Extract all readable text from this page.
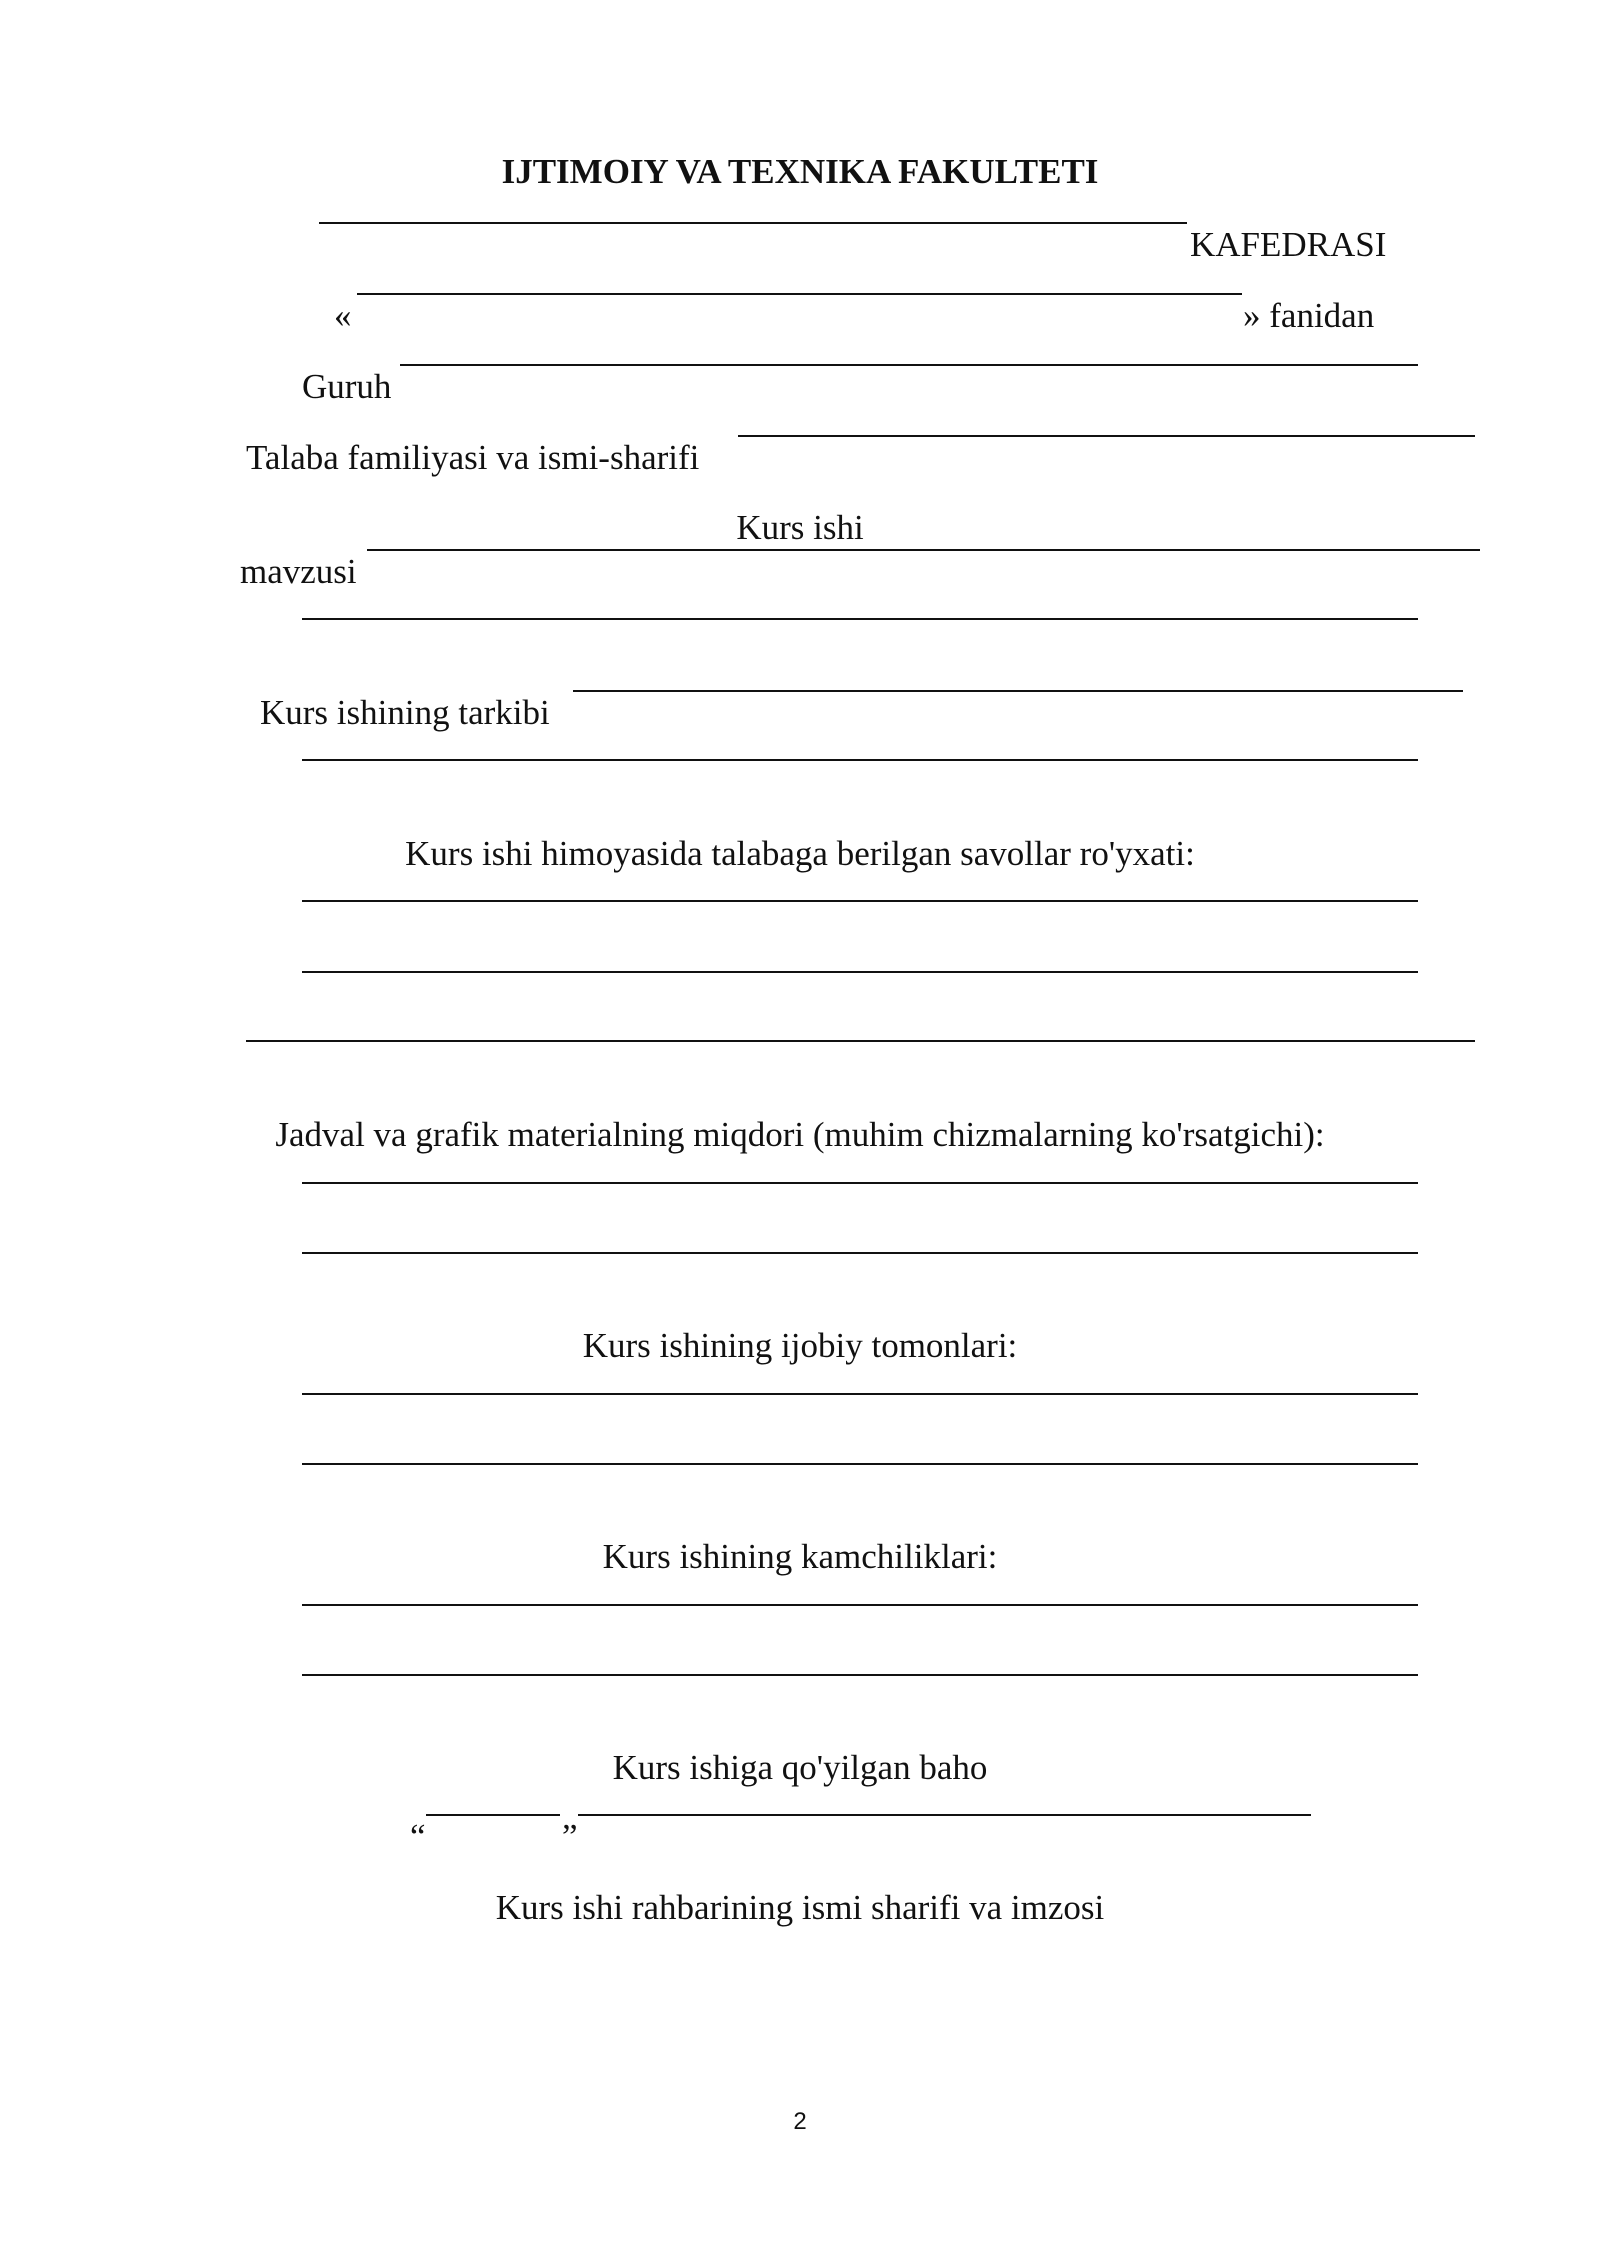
IJTIMOIY VA TEXNIKA FAKULTETI
KAFEDRASI
«	» fanidan
Guruh
Talaba familiyasi va ismi-sharifi
Kurs ishi
mavzusi
Kurs ishining tarkibi
Kurs ishi himoyasida talabaga berilgan savollar ro'yxati:
Jadval va grafik materialning miqdori (muhim chizmalarning ko'rsatgichi):
Kurs ishining ijobiy tomonlari:
Kurs ishining kamchiliklari:
Kurs ishiga qo'yilgan baho
“	”
Kurs ishi rahbarining ismi sharifi va imzosi
2
